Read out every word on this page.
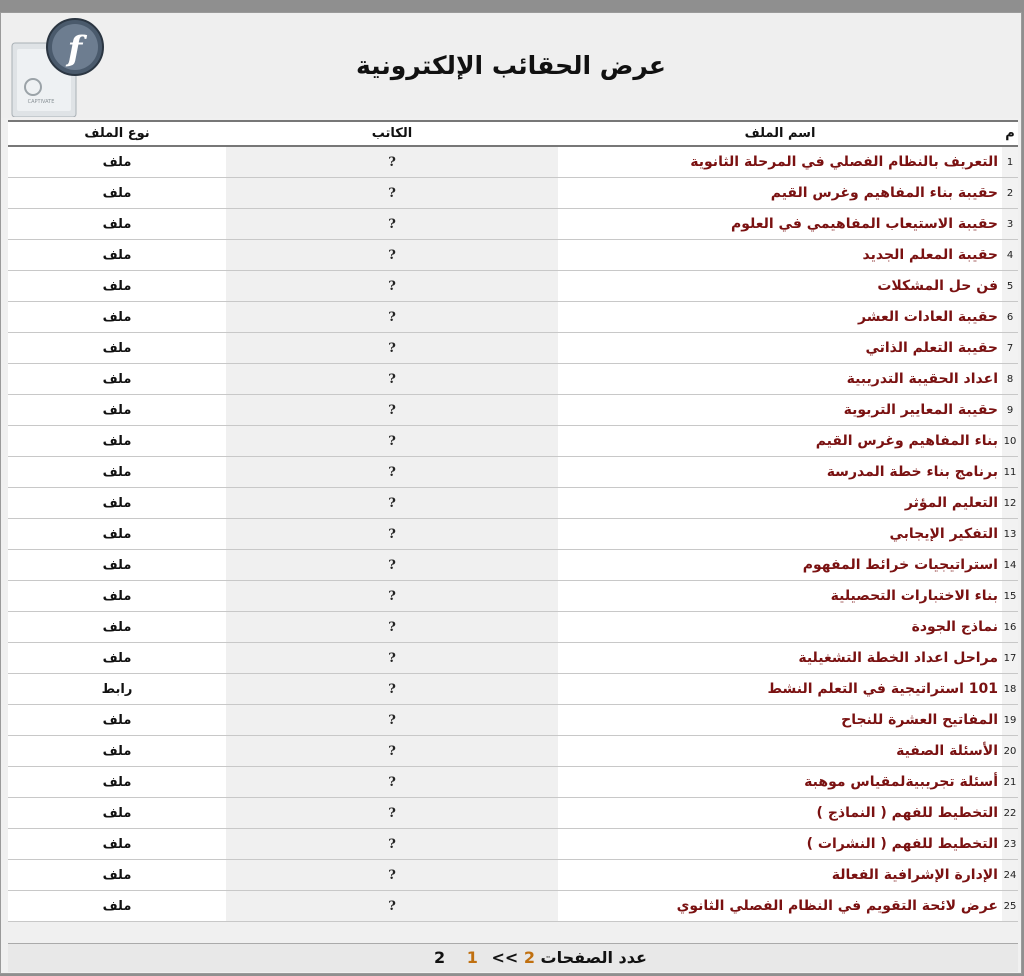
f
CAPTIVATE
عرض الحقائب الإلكترونية
م	اسم الملف	الكاتب	نوع الملف
1	التعريف بالنظام الفصلي في المرحلة الثانوية	?	ملف
2	حقيبة بناء المفاهيم وغرس القيم	?	ملف
3	حقيبة الاستيعاب المفاهيمي في العلوم	?	ملف
4	حقيبة المعلم الجديد	?	ملف
5	فن حل المشكلات	?	ملف
6	حقيبة العادات العشر	?	ملف
7	حقيبة التعلم الذاتي	?	ملف
8	اعداد الحقيبة التدريبية	?	ملف
9	حقيبة المعايير التربوية	?	ملف
10	بناء المفاهيم وغرس القيم	?	ملف
11	برنامج بناء خطة المدرسة	?	ملف
12	التعليم المؤثر	?	ملف
13	التفكير الإيجابي	?	ملف
14	استراتيجيات خرائط المفهوم	?	ملف
15	بناء الاختبارات التحصيلية	?	ملف
16	نماذج الجودة	?	ملف
17	مراحل اعداد الخطة التشغيلية	?	ملف
18	101 استراتيجية في التعلم النشط	?	رابط
19	المفاتيح العشرة للنجاح	?	ملف
20	الأسئلة الصفية	?	ملف
21	أسئلة تجريبيةلمقياس موهبة	?	ملف
22	التخطيط للفهم ( النماذج )	?	ملف
23	التخطيط للفهم ( النشرات )	?	ملف
24	الإدارة الإشرافية الفعالة	?	ملف
25	عرض لائحة التقويم في النظام الفصلي الثانوي	?	ملف
عدد الصفحات 2 >> 1 2
